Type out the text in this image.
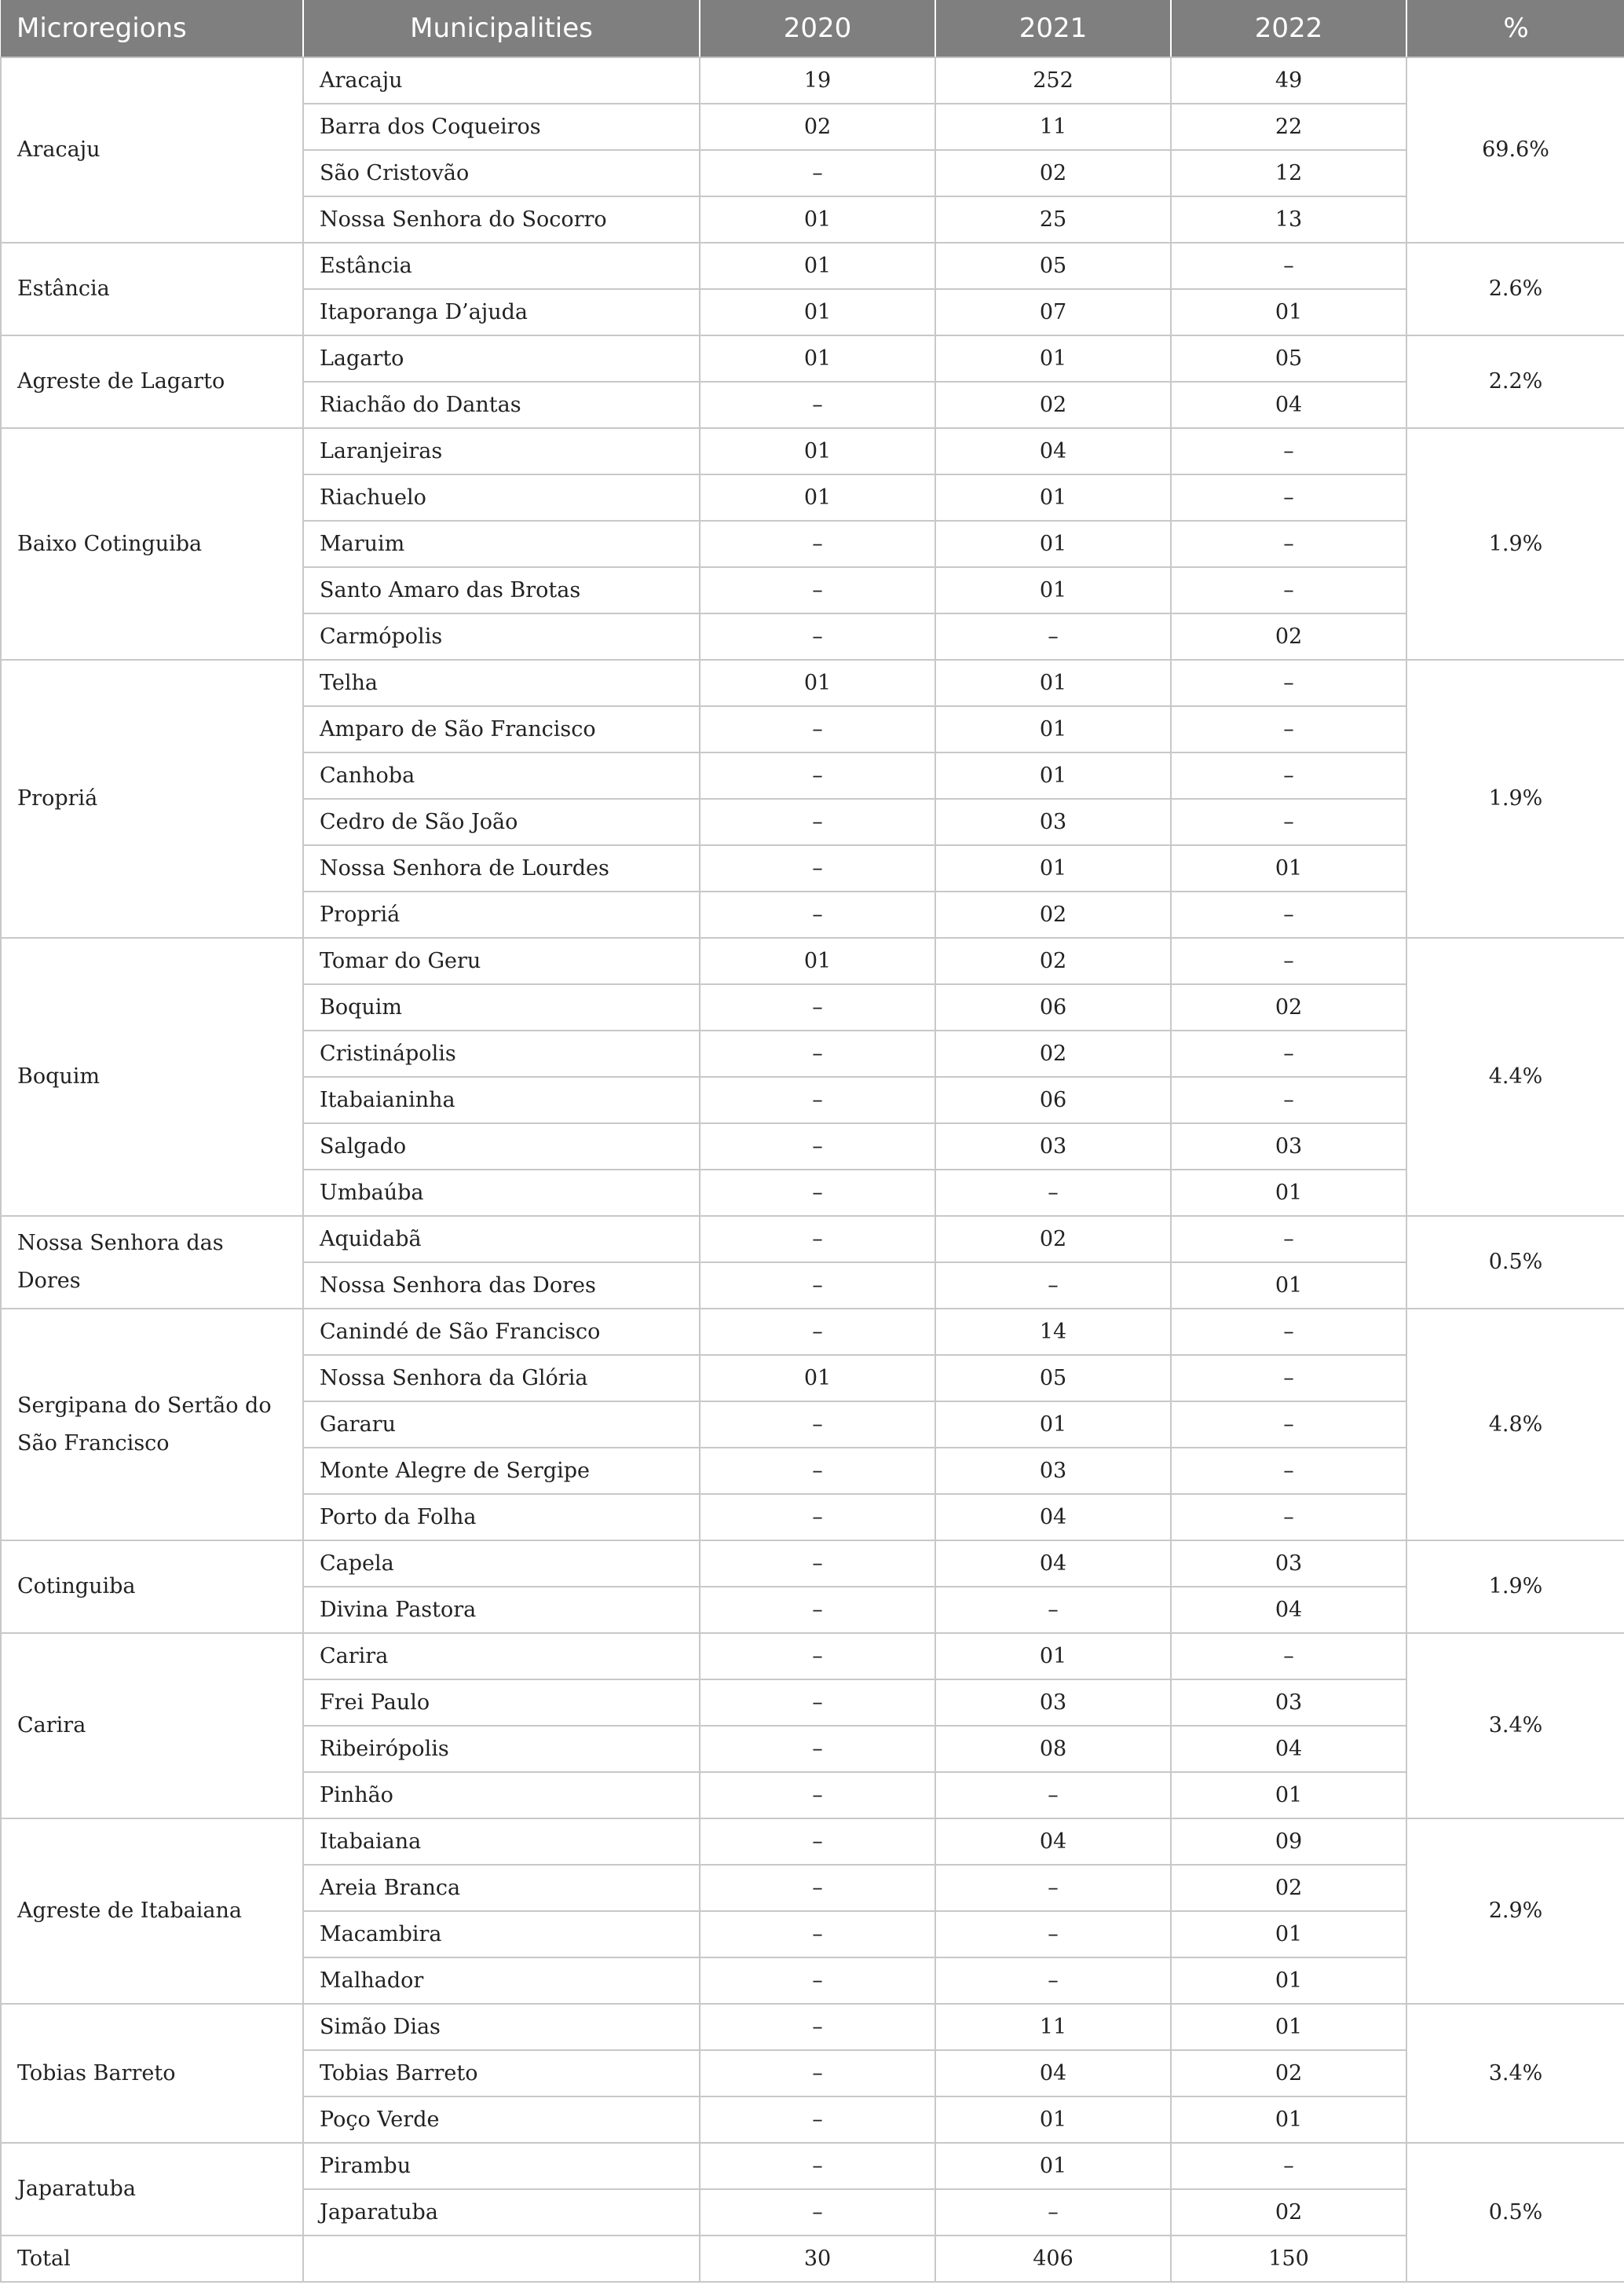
Microregions	Municipalities	2020	2021	2022	%
Aracaju	Aracaju	19	252	49	69.6%
	Barra dos Coqueiros	02	11	22	
	São Cristovão	–	02	12	
	Nossa Senhora do Socorro	01	25	13	
Estância	Estância	01	05	–	2.6%
	Itaporanga D’ajuda	01	07	01	
Agreste de Lagarto	Lagarto	01	01	05	2.2%
	Riachão do Dantas	–	02	04	
Baixo Cotinguiba	Laranjeiras	01	04	–	1.9%
	Riachuelo	01	01	–	
	Maruim	–	01	–	
	Santo Amaro das Brotas	–	01	–	
	Carmópolis	–	–	02	
Propriá	Telha	01	01	–	1.9%
	Amparo de São Francisco	–	01	–	
	Canhoba	–	01	–	
	Cedro de São João	–	03	–	
	Nossa Senhora de Lourdes	–	01	01	
	Propriá	–	02	–	
Boquim	Tomar do Geru	01	02	–	4.4%
	Boquim	–	06	02	
	Cristinápolis	–	02	–	
	Itabaianinha	–	06	–	
	Salgado	–	03	03	
	Umbaúba	–	–	01	
Nossa Senhora das Dores	Aquidabã	–	02	–	0.5%
	Nossa Senhora das Dores	–	–	01	
Sergipana do Sertão do São Francisco	Canindé de São Francisco	–	14	–	4.8%
	Nossa Senhora da Glória	01	05	–	
	Gararu	–	01	–	
	Monte Alegre de Sergipe	–	03	–	
	Porto da Folha	–	04	–	
Cotinguiba	Capela	–	04	03	1.9%
	Divina Pastora	–	–	04	
Carira	Carira	–	01	–	3.4%
	Frei Paulo	–	03	03	
	Ribeirópolis	–	08	04	
	Pinhão	–	–	01	
Agreste de Itabaiana	Itabaiana	–	04	09	2.9%
	Areia Branca	–	–	02	
	Macambira	–	–	01	
	Malhador	–	–	01	
Tobias Barreto	Simão Dias	–	11	01	3.4%
	Tobias Barreto	–	04	02	
	Poço Verde	–	01	01	
Japaratuba	Pirambu	–	01	–	0.5%
	Japaratuba	–	–	02	
Total		30	406	150	
